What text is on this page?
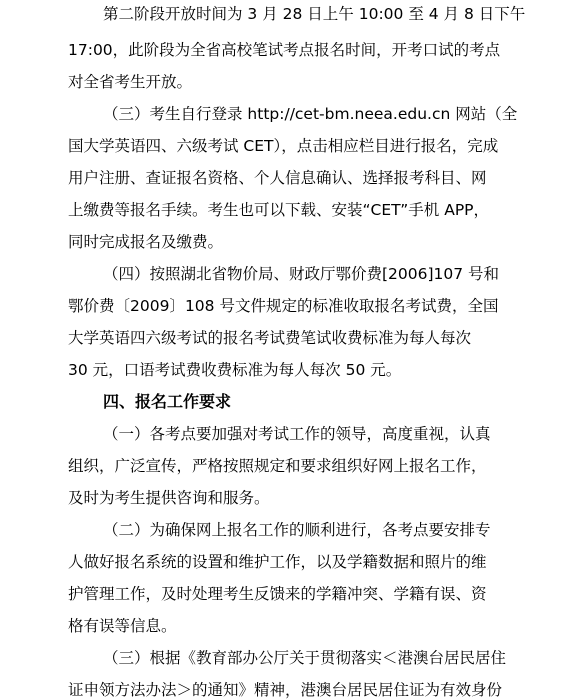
第二阶段开放时间为 3 月 28 日上午 10:00 至 4 月 8 日下午
17:00，此阶段为全省高校笔试考点报名时间，开考口试的考点
对全省考生开放。
（三）考生自行登录 http://cet-bm.neea.edu.cn 网站（全
国大学英语四、六级考试 CET），点击相应栏目进行报名，完成
用户注册、查证报名资格、个人信息确认、选择报考科目、网
上缴费等报名手续。考生也可以下载、安装“CET”手机 APP，
同时完成报名及缴费。
（四）按照湖北省物价局、财政厅鄂价费[2006]107 号和
鄂价费〔2009〕108 号文件规定的标准收取报名考试费，全国
大学英语四六级考试的报名考试费笔试收费标准为每人每次
30 元，口语考试费收费标准为每人每次 50 元。
四、报名工作要求
（一）各考点要加强对考试工作的领导，高度重视，认真
组织，广泛宣传，严格按照规定和要求组织好网上报名工作，
及时为考生提供咨询和服务。
（二）为确保网上报名工作的顺利进行，各考点要安排专
人做好报名系统的设置和维护工作，以及学籍数据和照片的维
护管理工作，及时处理考生反馈来的学籍冲突、学籍有误、资
格有误等信息。
（三）根据《教育部办公厅关于贯彻落实＜港澳台居民居住
证申领方法办法＞的通知》精神，港澳台居民居住证为有效身份
